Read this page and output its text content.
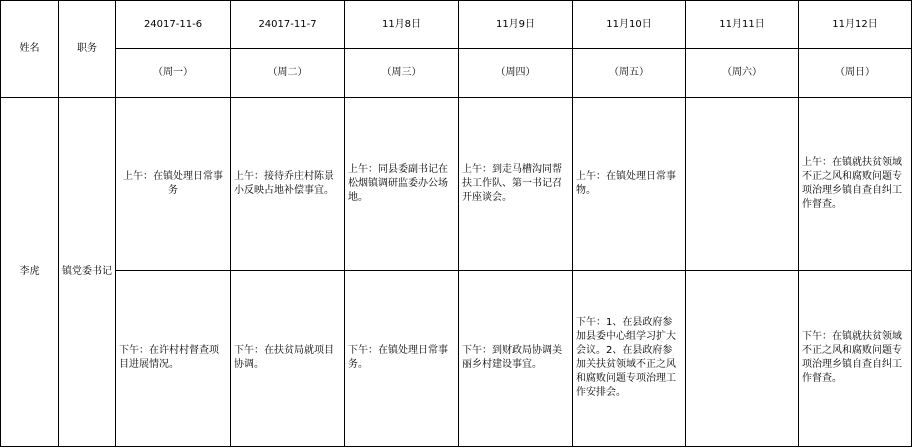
姓名	职务	24017-11-6	24017-11-7	11月8日	11月9日	11月10日	11月11日	11月12日
		（周一）	（周二）	（周三）	（周四）	（周五）	（周六）	（周日）
李虎	镇党委书记	上午：在镇处理日常事务	上午：接待乔庄村陈景小反映占地补偿事宜。	上午：同县委副书记在松烟镇调研监委办公场地。	上午：到走马槽沟同帮扶工作队、第一书记召开座谈会。	上午：在镇处理日常事物。		上午：在镇就扶贫领域不正之风和腐败问题专项治理乡镇自查自纠工作督查。
		下午：在许村村督查项目进展情况。	下午：在扶贫局就项目协调。	下午：在镇处理日常事务。	下午：到财政局协调美丽乡村建设事宜。	下午：1、在县政府参加县委中心组学习扩大会议。2、在县政府参加关扶贫领域不正之风和腐败问题专项治理工作安排会。		下午：在镇就扶贫领域不正之风和腐败问题专项治理乡镇自查自纠工作督查。
